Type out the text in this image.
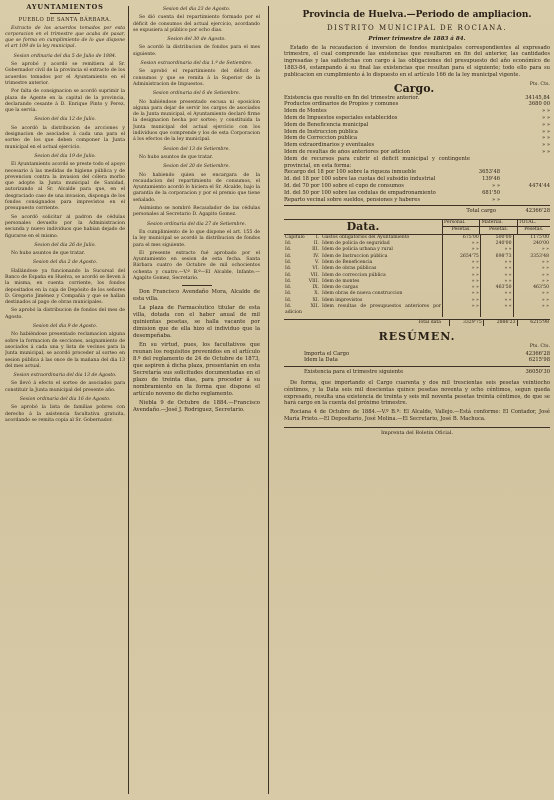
AYUNTAMIENTOS
PUEBLO DE SANTA BÁRBARA.

Extracto de los acuerdos tomados por esta corporacion en el trimestre que acaba de pasar, que se forma en cumplimiento de lo que dispone el art 109 de la ley municipal.

Sesion ordinaria del dia 5 de Julio de 1884.

Se aprobó y acordó se remitiera al Sr. Gobernador civil de la provincia el extracto de los acuerdos tomados por el Ayuntamiento en el trimestre anterior.

Por falta de consignacion se acordó suprimir la plaza de Agente en la capital de la provincia, declarando cesante á D. Enrique Pinto y Perez, que la servia.

Sesion del dia 12 de Julio.

Se acordó la distribucion de arcciones y designacion de asociados á cada una para el sorteo de los que deben componer la Junta municipal en el actual ejercicio.

Sesion del dia 19 de Julio.

El Ayuntamiento acordó se preste todo el apoyo necesario á las medidas de higiene pública y de prevencion contra la invasion del cólera morbo que adopte la Junta municipal de Sanidad, autorizando al Sr. Alcalde para que, en el desgraciado caso de una invasion, disponga de los fondos consignados para imprevistos en el presupuesto corriente.

Se acordó solicitar al padron de cédulas personales devuelto por la Administracion secunda y nuevo individuos que habian dejado de figurarse en el mismo.

Sesion del dia 26 de Julio.

No hubo asuntos de que tratar.

Sesion del dia 2 de Agosto.

Hallándose ya funcionando la Sucursal del Banco de España en Huelva, se acordó se lleven á la misma, en cuenta corriente, los fondos depositados en la caja de Depósito de los señores D. Gregorio Jiménez y Compañía y que se hallan destinados al pago de obras municipales.

Se aprobó la distribucion de fondos del mes de Agosto.

Sesion del dia 9 de Agosto.

No habiéndose presentado reclamacion alguna sobre la formacion de secciones, asignamiento de asociados á cada una y lista de vecinos para la Junta municipal, se acordó proceder al sorteo en sesion pública á las once de la mañana del dia 13 del mes actual.

Sesion extraordinaria del dia 13 de Agosto.

Se llevó á efecto el sorteo de asociados para constituir la Junta municipal del presente año.

Sesion ordinaria del dia 16 de Agosto.

Se aprobó la lista de familias pobres con derecho á la asistencia facultativa gratuita, acordando se remita copia al Sr. Gobernador.

Sesion del dia 23 de Agosto.

Se dió cuenta del repartimiento formado por el déficit de consumos del actual ejercicio, acordando se expusiera al público por ocho dias.

Sesion del 30 de Agosto.

Se acordó la distribucion de fondos para el mes siguiente.

Sesion extraordinaria del dia 1.º de Setiembre.

Se aprobó el repartimiento del déficit de consumos y que se remita á la Superior de la Administracion de Impuestos.

Sesion ordinaria del 6 de Setiembre.

No habiéndose presentado escusa ni oposicion alguna para dejar de servir los cargos de asociados de la Junta municipal, el Ayuntamiento declaró firme la designacion hecha por sorteo; y constituida la Junta municipal del actual ejercicio con los individuos que comprende y los de esta Corporacion á los efectos de la ley municipal.

Sesion del 13 de Setiembre.

No hubo asuntos de que tratar.

Sesion del 20 de Setiembre.

No habiendo quien se encargara de la recaudacion del repartimiento de consumos, el Ayuntamiento acordó lo hiciera el Sr. Alcalde, bajo la garantía de la corporacion y por el premio que tiene señalado.

Asimismo se nombró Recaudador de las cédulas personales al Secretario D. Agapito Gomez.

Sesion ordinaria del dia 27 de Setiembre.

En cumplimiento de lo que dispone el art. 155 de la ley municipal se acordó la distribucion de fondos para el mes siguiente.

El presente extracto fué aprobado por el Ayuntamiento en sesion de esta fecha. Santa Bárbara cuatro de Octubre de mil ochocientos ochenta y cuatro.—V.º B.º—El Alcalde, Infante.—Agapito Gomez, Secretario.

Don Francisco Avendaño Mora, Alcalde de esta villa.

La plaza de Farmacéutico titular de esta villa, dotada con el haber anual de mil quinientas pesetas, se halla vacante por dimision que de ella hizo el individuo que la desempeñaba.

En su virtud, pues, los facultativos que reunan los requisitos prevenidos en el artículo 8.º del reglamento de 24 de Octubre de 1873, que aspiren á dicha plaza, presentarán en esta Secretaría sus solicitudes documentadas en el plazo de treinta dias, para proceder á su nombramiento en la forma que dispone el artículo noveno de dicho reglamento.

Niebla 9 de Octubre de 1884.—Francisco Avendaño.—José J. Rodriguez, Secretario.

Provincia de Huelva.—Periodo de ampliacion.
DISTRITO MUNICIPAL DE ROCIANA.
Primer trimestre de 1883 á 84.

Estado de la recaudacion é inversion de fondos municipales correspondientes al expresado trimestre, el cual comprende las existencias que resultaron en fin del anterior, las cantidades ingresadas y las satisfechas con cargo á las obligaciones del presupuesto del año económico de 1883-84, estampando á su final las existencias que resultan para el siguiente; todo ello para su publicacion en cumplimiento á lo dispuesto en el artículo 166 de la ley municipal vigente.

Cargo.	Pts. Cts.
Existencia que resultó en fin del trimestre anterior.	34145,84
Productos ordinarios de Propios y comunes	3680 00
Idem de Montes	» »
Idem de Impuestos especiales establecidos	» »
Idem de Beneficencia municipal	» »
Idem de Instruccion pública	» »
Idem de Correccion pública	» »
Idem extraordinarios y eventuales	» »
Idem de resultas de años anteriores por adicion	» »
Idem de recursos para cubrir el déficit municipal y contingente provincial, en esta forma:
Recargo del 18 por 100 sobre la riqueza inmueble	3653'48
Id. del 18 por 100 sobre las cuotas del subsidio industrial	139'46
Id. del 70 por 100 sobre el cupo de consumos	» »	4474'44
Id. del 50 por 100 sobre las cédulas de empadronamiento	681'50
Reparto vecinal sobre sueldos, pensiones y haberes	» »
Total cargo	42366'28
Data.	Personal.	Material.	TOTAL.
	Pesetas.	Pesetas.	Pesetas.
Capítulo I. Gastos obligatorios del Ayuntamiento	675'00	500'00	1175'00
Id. II. Idem de policía de seguridad	» »	240'00	240'00
Id. III. Idem de policía urbana y rural	» »	» »	» »
Id. IV. Idem de Instruccion pública	2654'75	698'73	3353'48
Id. V. Idem de Beneficencia	» »	» »	» »
Id. VI. Idem de obras públicas	» »	» »	» »
Id. VII. Idem de correccion pública	» »	» »	» »
Id. VIII. Idem de montes	» »	» »	» »
Id. IX. Idem de cargas	» »	463'50	463'50
Id. X. Idem obras de nueva construccion	» »	» »	» »
Id. XI. Idem imprevistos	» »	» »	» »
Id. XII. Idem resultas de presupuestos anteriores por adicion	» »	» »	» »
Total data	3329'75	2886'23	6215'98
RESÚMEN.
Pts. Cts.
Importa el Cargo	42366'28
Idem la Data	6215'98
Existencia para el trimestre siguiente	36050'30

De forma, que importando el Cargo cuarenta y dos mil trescientas seis pesetas veintiocho céntimos, y la Data seis mil doscientas quince pesetas noventa y ocho céntimos, segun queda expresado, resulta una existencia de treinta y seis mil noventa pesetas treinta céntimos, de que se hará cargo en la cuenta del próximo trimestre.

Rociana 4 de Octubre de 1884.—V.º B.º: El Alcalde, Vallejo.—Está conforme: El Contador, José María Prieto.—El Depositario, José Molina.—El Secretario, José B. Machuca.

Imprenta del Boletin Oficial.
